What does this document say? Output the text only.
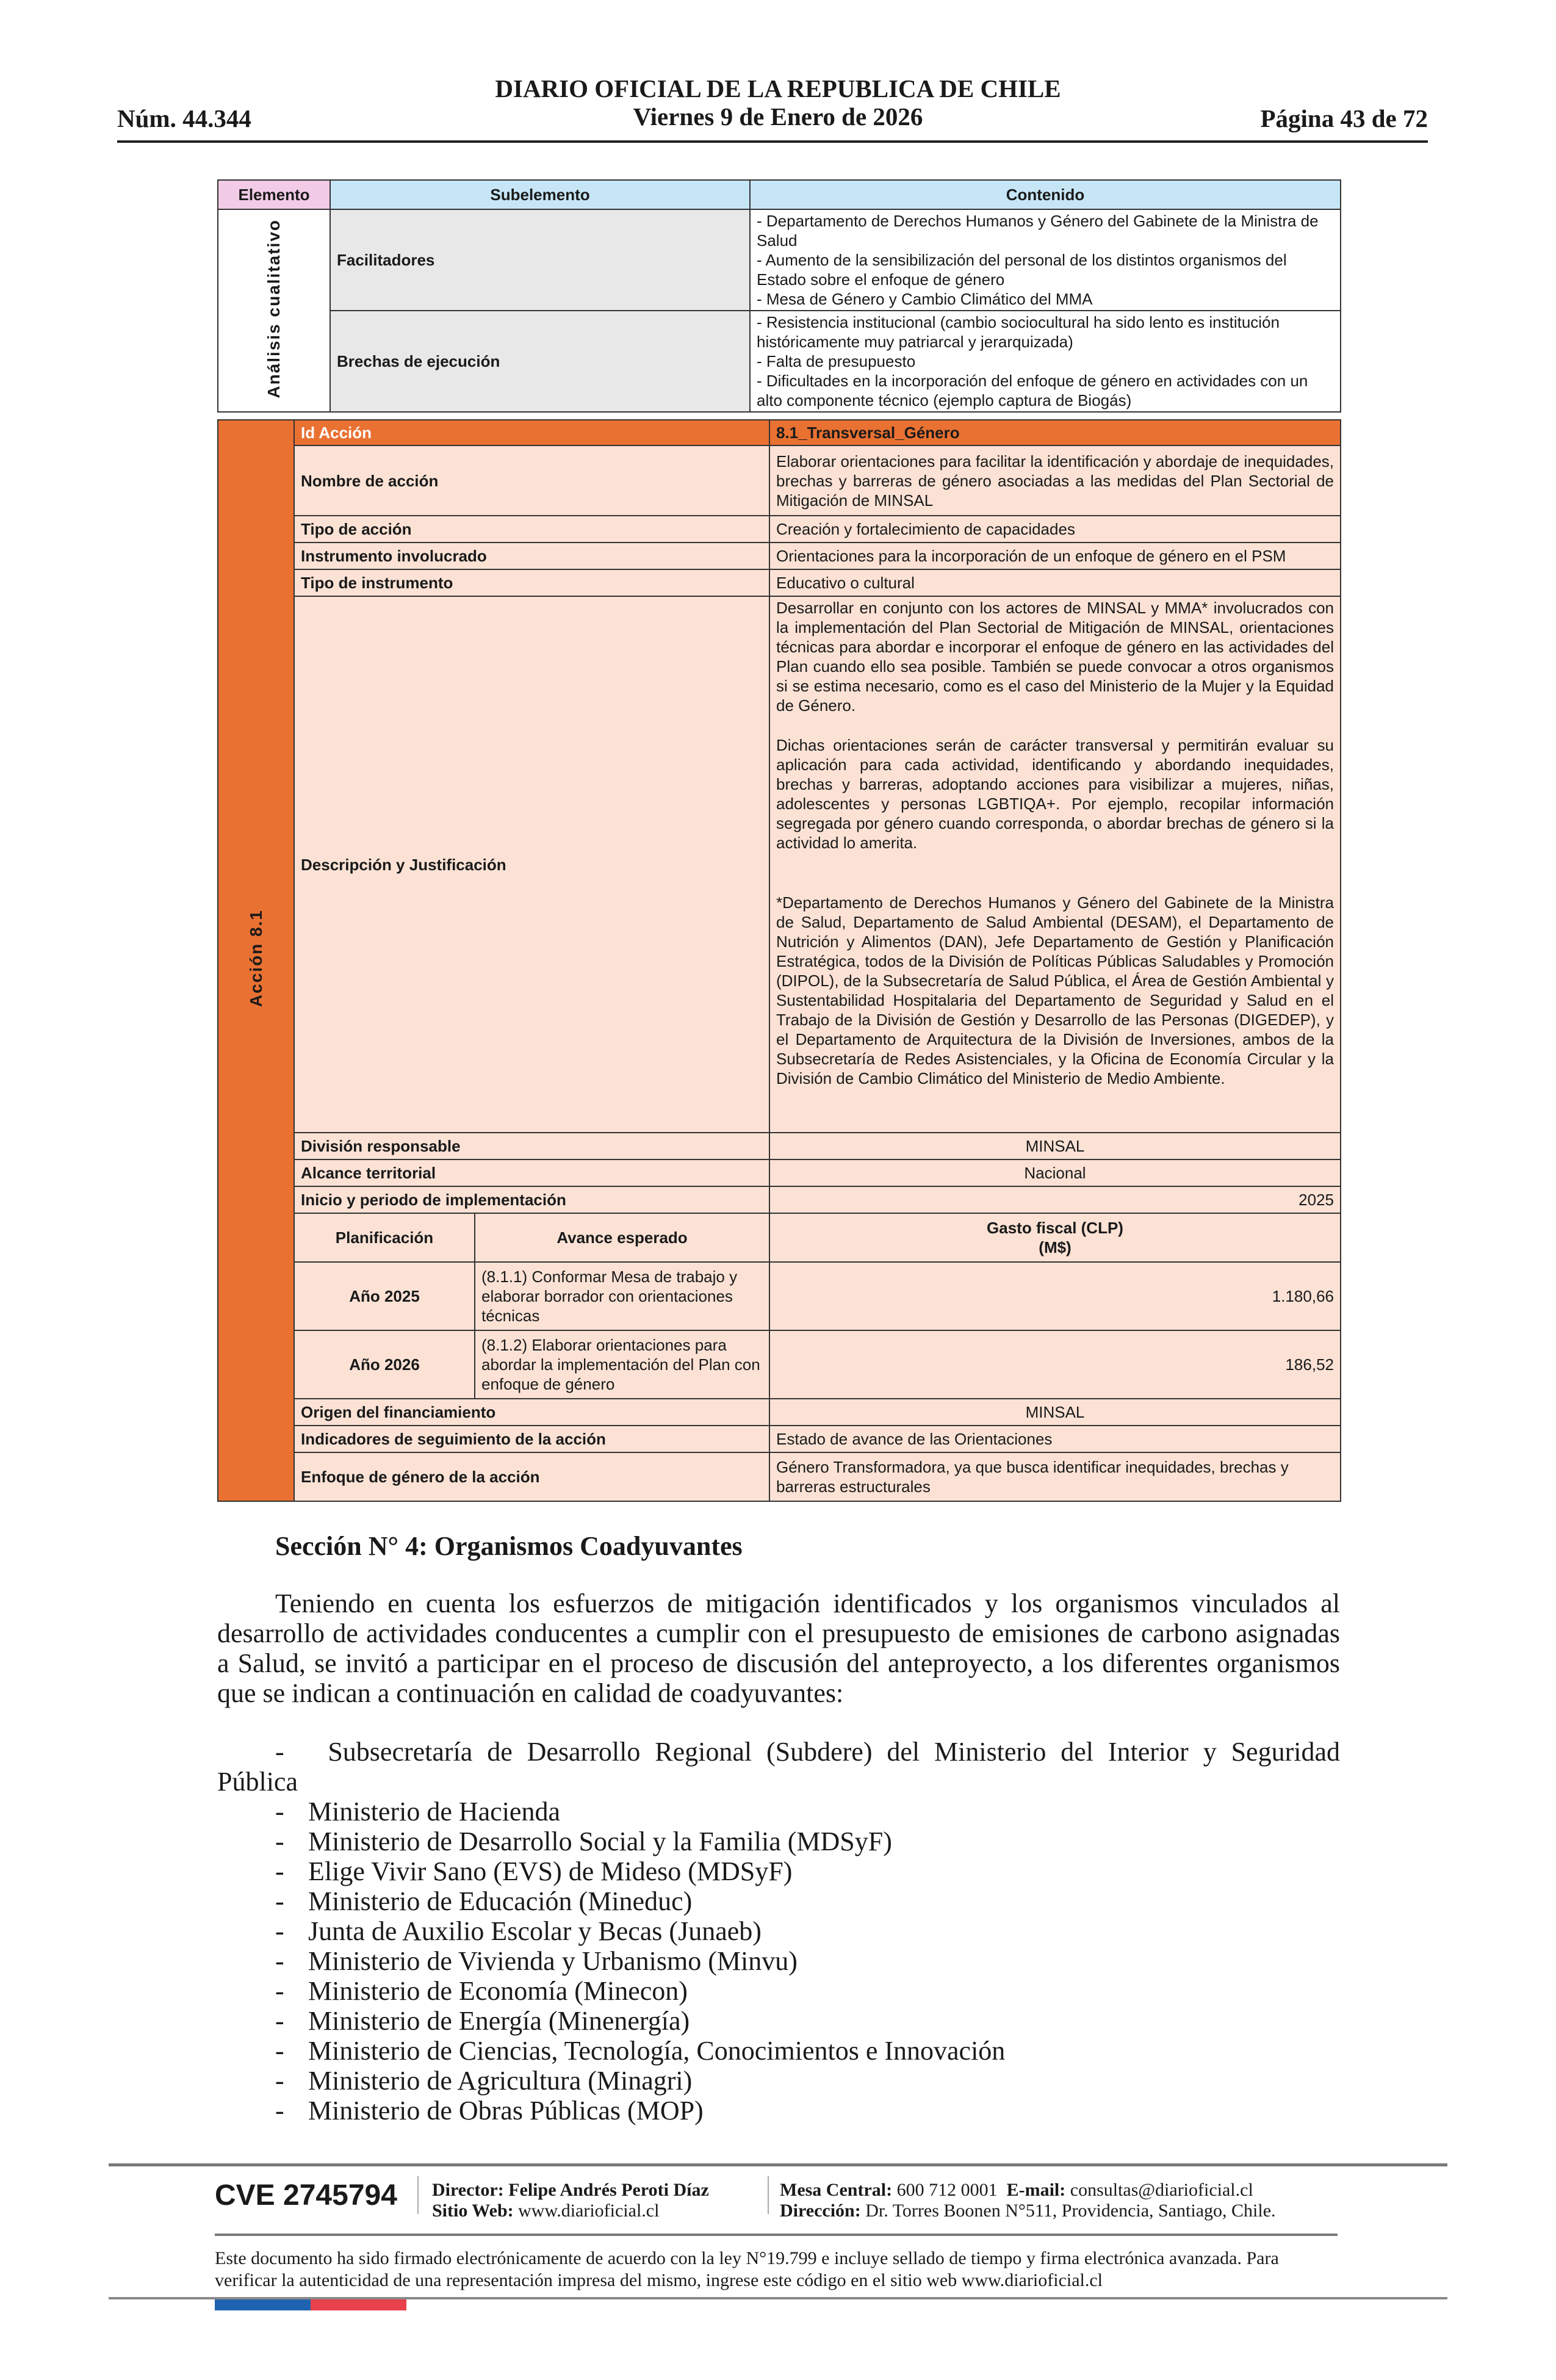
DIARIO OFICIAL DE LA REPUBLICA DE CHILE
Viernes 9 de Enero de 2026
Núm. 44.344	Página 43 de 72
Elemento	Subelemento	Contenido
Análisis cualitativo	Facilitadores	- Departamento de Derechos Humanos y Género del Gabinete de la Ministra de Salud
- Aumento de la sensibilización del personal de los distintos organismos del Estado sobre el enfoque de género
- Mesa de Género y Cambio Climático del MMA

	Brechas de ejecución	- Resistencia institucional (cambio sociocultural ha sido lento es institución históricamente muy patriarcal y jerarquizada)
- Falta de presupuesto
- Dificultades en la incorporación del enfoque de género en actividades con un alto componente técnico (ejemplo captura de Biogás)
Acción 8.1	Id Acción		8.1_Transversal_Género
	Nombre de acción		Elaborar orientaciones para facilitar la identificación y abordaje de inequidades, brechas y barreras de género asociadas a las medidas del Plan Sectorial de Mitigación de MINSAL
	Tipo de acción		Creación y fortalecimiento de capacidades
	Instrumento involucrado		Orientaciones para la incorporación de un enfoque de género en el PSM
	Tipo de instrumento		Educativo o cultural
	Descripción y Justificación		Desarrollar en conjunto con los actores de MINSAL y MMA* involucrados con la implementación del Plan Sectorial de Mitigación de MINSAL, orientaciones técnicas para abordar e incorporar el enfoque de género en las actividades del Plan cuando ello sea posible. También se puede convocar a otros organismos si se estima necesario, como es el caso del Ministerio de la Mujer y la Equidad de Género.
Dichas orientaciones serán de carácter transversal y permitirán evaluar su aplicación para cada actividad, identificando y abordando inequidades, brechas y barreras, adoptando acciones para visibilizar a mujeres, niñas, adolescentes y personas LGBTIQA+. Por ejemplo, recopilar información segregada por género cuando corresponda, o abordar brechas de género si la actividad lo amerita.
*Departamento de Derechos Humanos y Género del Gabinete de la Ministra de Salud, Departamento de Salud Ambiental (DESAM), el Departamento de Nutrición y Alimentos (DAN), Jefe Departamento de Gestión y Planificación Estratégica, todos de la División de Políticas Públicas Saludables y Promoción (DIPOL), de la Subsecretaría de Salud Pública, el Área de Gestión Ambiental y Sustentabilidad Hospitalaria del Departamento de Seguridad y Salud en el Trabajo de la División de Gestión y Desarrollo de las Personas (DIGEDEP), y el Departamento de Arquitectura de la División de Inversiones, ambos de la Subsecretaría de Redes Asistenciales, y la Oficina de Economía Circular y la División de Cambio Climático del Ministerio de Medio Ambiente.

	División responsable		MINSAL
	Alcance territorial		Nacional
	Inicio y periodo de implementación		2025
	Planificación	Avance esperado	Gasto fiscal (CLP)
(M$)
	Año 2025	(8.1.1) Conformar Mesa de trabajo y elaborar borrador con orientaciones técnicas	1.180,66
	Año 2026	(8.1.2) Elaborar orientaciones para abordar la implementación del Plan con enfoque de género	186,52
	Origen del financiamiento		MINSAL
	Indicadores de seguimiento de la acción		Estado de avance de las Orientaciones
	Enfoque de género de la acción		Género Transformadora, ya que busca identificar inequidades, brechas y barreras estructurales
Sección N° 4: Organismos Coadyuvantes
Teniendo en cuenta los esfuerzos de mitigación identificados y los organismos vinculados al desarrollo de actividades conducentes a cumplir con el presupuesto de emisiones de carbono asignadas a Salud, se invitó a participar en el proceso de discusión del anteproyecto, a los diferentes organismos que se indican a continuación en calidad de coadyuvantes:
-   Subsecretaría de Desarrollo Regional (Subdere) del Ministerio del Interior y Seguridad Pública
- Ministerio de Hacienda
- Ministerio de Desarrollo Social y la Familia (MDSyF)
- Elige Vivir Sano (EVS) de Mideso (MDSyF)
- Ministerio de Educación (Mineduc)
- Junta de Auxilio Escolar y Becas (Junaeb)
- Ministerio de Vivienda y Urbanismo (Minvu)
- Ministerio de Economía (Minecon)
- Ministerio de Energía (Minenergía)
- Ministerio de Ciencias, Tecnología, Conocimientos e Innovación
- Ministerio de Agricultura (Minagri)
- Ministerio de Obras Públicas (MOP)
CVE 2745794 Director: Felipe Andrés Peroti Díaz
Sitio Web: www.diarioficial.cl
Mesa Central: 600 712 0001 E-mail: consultas@diarioficial.cl
Dirección: Dr. Torres Boonen N°511, Providencia, Santiago, Chile.
Este documento ha sido firmado electrónicamente de acuerdo con la ley N°19.799 e incluye sellado de tiempo y firma electrónica avanzada. Para verificar la autenticidad de una representación impresa del mismo, ingrese este código en el sitio web www.diarioficial.cl
